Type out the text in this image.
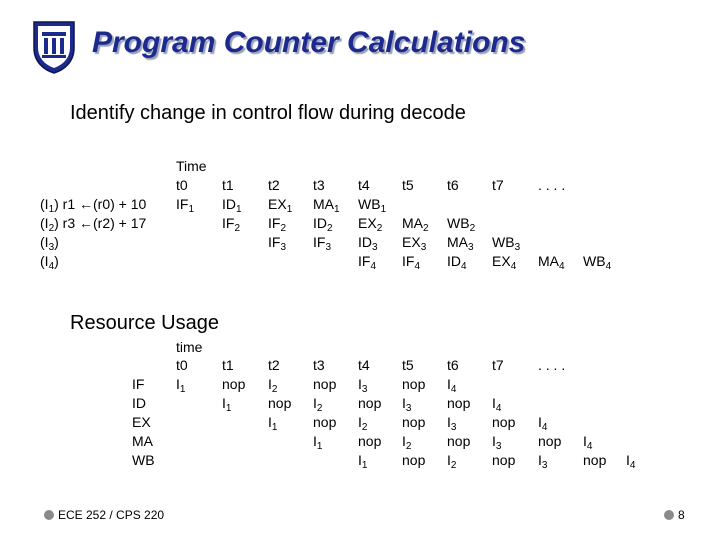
Program Counter Calculations
Identify change in control flow during decode
Time
$(I_1)$ r1 ←(r0) + 10
$(I_2)$ r3 ←(r2) + 17
$(I_3)$
$(I_4)$
t0
$IF_1$
t1
$ID_1$
$IF_2$
t2
$EX_1$
$IF_2$
$IF_3$
t3
$MA_1$
$ID_2$
$IF_3$
t4
$WB_1$
$EX_2$
$ID_3$
$IF_4$
t5
$MA_2$
$EX_3$
$IF_4$
t6
$WB_2$
$MA_3$
$ID_4$
t7
$WB_3$
$EX_4$
. . . .
$MA_4$ $WB_4$
Resource Usage
time
IF
ID
EX
MA
WB
t0
$I_1$
t1
nop
$I_1$
t2
$I_2$
nop
$I_1$
t3
nop
$I_2$
nop
$I_1$
t4
$I_3$
nop
$I_2$
nop
$I_1$
t5
nop
$I_3$
nop
$I_2$
nop
t6
$I_4$
nop
$I_3$
nop
$I_2$
t7
$I_4$
nop
$I_3$
nop
. . . .
$I_4$
nop
$I_3$
$I_4$
nop $I_4$
ECE 252 / CPS 220	8
